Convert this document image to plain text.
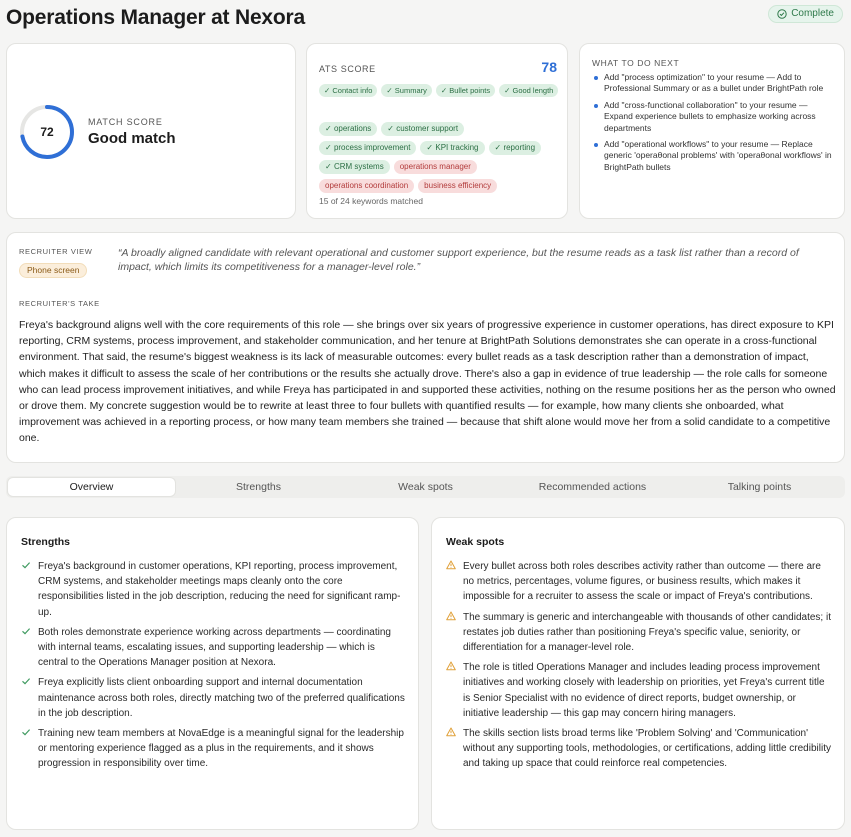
Operations Manager at Nexora	Complete
72
MATCH SCORE
Good match
ATS SCORE	78
✓ Contact info	✓ Summary	✓ Bullet points	✓ Good length
✓ operations	✓ customer support
✓ process improvement	✓ KPI tracking	✓ reporting
✓ CRM systems	operations manager
operations coordination	business efficiency
15 of 24 keywords matched
WHAT TO DO NEXT
Add "process optimization" to your resume — Add to Professional Summary or as a bullet under BrightPath role
Add "cross-functional collaboration" to your resume — Expand experience bullets to emphasize working across departments
Add "operational workflows" to your resume — Replace generic 'operaθonal problems' with 'operaθonal workflows' in BrightPath bullets
RECRUITER VIEW
Phone screen
“A broadly aligned candidate with relevant operational and customer support experience, but the resume reads as a task list rather than a record of impact, which limits its competitiveness for a manager-level role.”
RECRUITER'S TAKE
Freya's background aligns well with the core requirements of this role — she brings over six years of progressive experience in customer operations, has direct exposure to KPI reporting, CRM systems, process improvement, and stakeholder communication, and her tenure at BrightPath Solutions demonstrates she can operate in a cross-functional environment. That said, the resume's biggest weakness is its lack of measurable outcomes: every bullet reads as a task description rather than a demonstration of impact, which makes it difficult to assess the scale of her contributions or the results she actually drove. There's also a gap in evidence of true leadership — the role calls for someone who can lead process improvement initiatives, and while Freya has participated in and supported these activities, nothing on the resume positions her as the person who owned or drove them. My concrete suggestion would be to rewrite at least three to four bullets with quantified results — for example, how many clients she onboarded, what improvement was achieved in a reporting process, or how many team members she trained — because that shift alone would move her from a solid candidate to a competitive one.
Overview	Strengths	Weak spots	Recommended actions	Talking points
Strengths
Freya's background in customer operations, KPI reporting, process improvement, CRM systems, and stakeholder meetings maps cleanly onto the core responsibilities listed in the job description, reducing the need for significant ramp-up.
Both roles demonstrate experience working across departments — coordinating with internal teams, escalating issues, and supporting leadership — which is central to the Operations Manager position at Nexora.
Freya explicitly lists client onboarding support and internal documentation maintenance across both roles, directly matching two of the preferred qualifications in the job description.
Training new team members at NovaEdge is a meaningful signal for the leadership or mentoring experience flagged as a plus in the requirements, and it shows progression in responsibility over time.
Weak spots
Every bullet across both roles describes activity rather than outcome — there are no metrics, percentages, volume figures, or business results, which makes it impossible for a recruiter to assess the scale or impact of Freya's contributions.
The summary is generic and interchangeable with thousands of other candidates; it restates job duties rather than positioning Freya's specific value, seniority, or differentiation for a manager-level role.
The role is titled Operations Manager and includes leading process improvement initiatives and working closely with leadership on priorities, yet Freya's current title is Senior Specialist with no evidence of direct reports, budget ownership, or initiative leadership — this gap may concern hiring managers.
The skills section lists broad terms like 'Problem Solving' and 'Communication' without any supporting tools, methodologies, or certifications, adding little credibility and taking up space that could reinforce real competencies.
